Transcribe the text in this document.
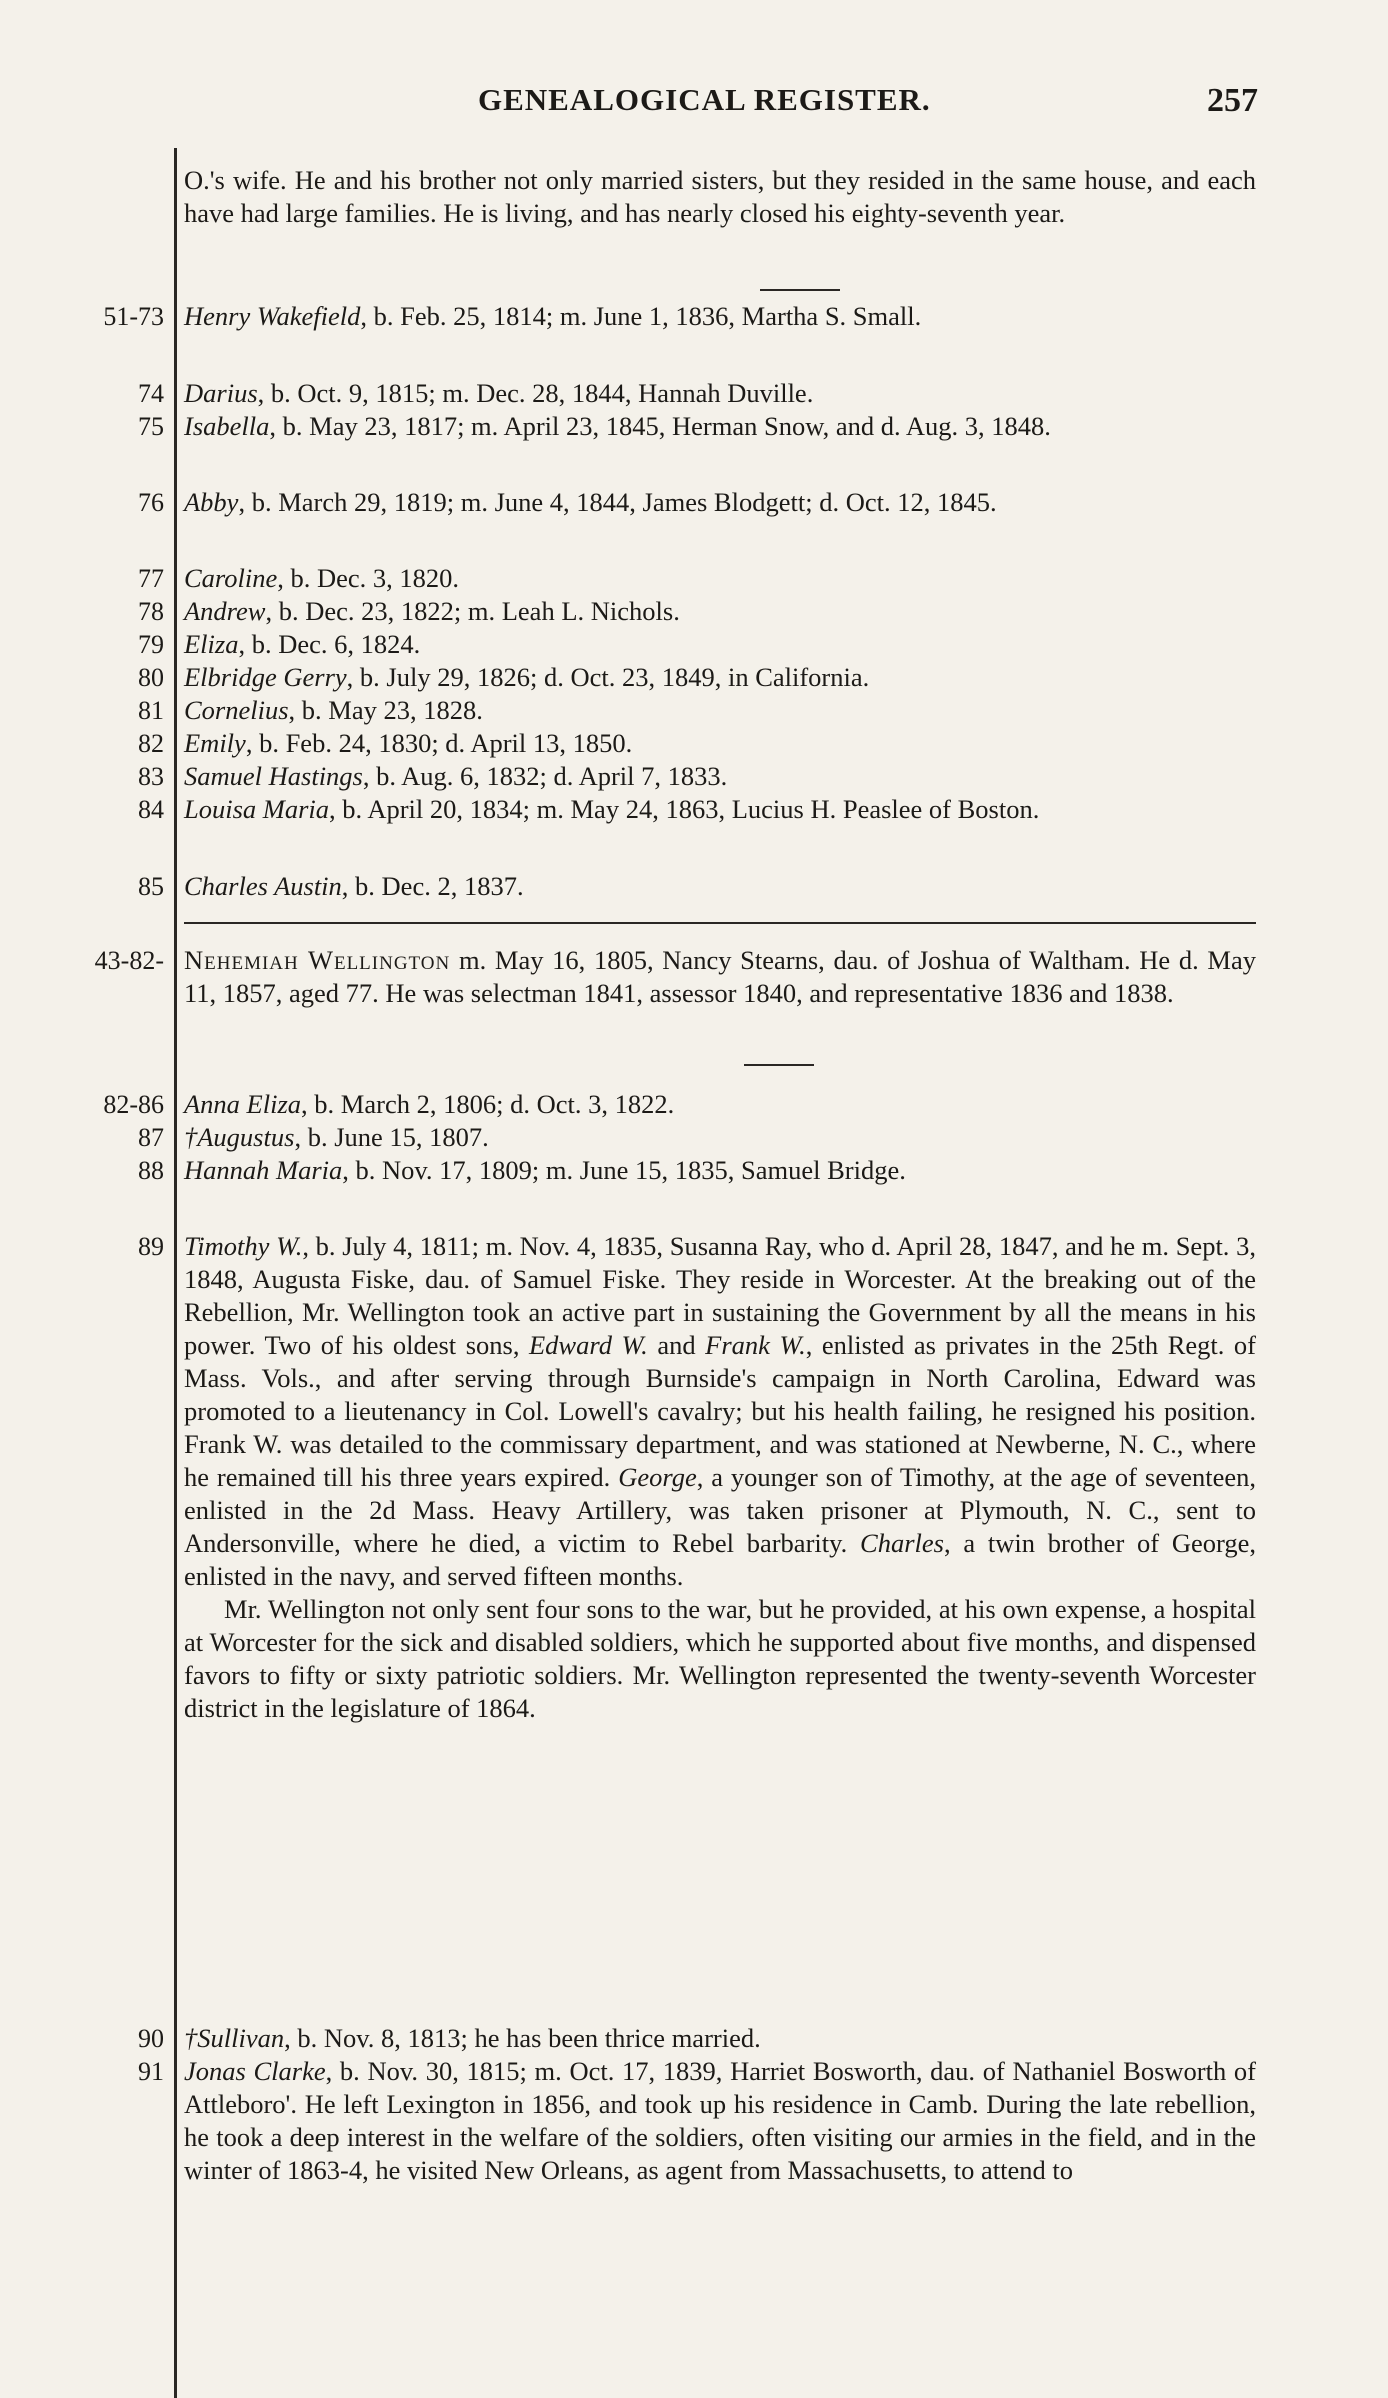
GENEALOGICAL REGISTER.	257
O.'s wife. He and his brother not only married sisters, but they resided in the same house, and each have had large families. He is living, and has nearly closed his eighty-seventh year.
51-73 Henry Wakefield, b. Feb. 25, 1814; m. June 1, 1836, Martha S. Small.
74 Darius, b. Oct. 9, 1815; m. Dec. 28, 1844, Hannah Duville.
75 Isabella, b. May 23, 1817; m. April 23, 1845, Herman Snow, and d. Aug. 3, 1848.
76 Abby, b. March 29, 1819; m. June 4, 1844, James Blodgett; d. Oct. 12, 1845.
77 Caroline, b. Dec. 3, 1820.
78 Andrew, b. Dec. 23, 1822; m. Leah L. Nichols.
79 Eliza, b. Dec. 6, 1824.
80 Elbridge Gerry, b. July 29, 1826; d. Oct. 23, 1849, in California.
81 Cornelius, b. May 23, 1828.
82 Emily, b. Feb. 24, 1830; d. April 13, 1850.
83 Samuel Hastings, b. Aug. 6, 1832; d. April 7, 1833.
84 Louisa Maria, b. April 20, 1834; m. May 24, 1863, Lucius H. Peaslee of Boston.
85 Charles Austin, b. Dec. 2, 1837.
43-82- Nehemiah Wellington m. May 16, 1805, Nancy Stearns, dau. of Joshua of Waltham. He d. May 11, 1857, aged 77. He was selectman 1841, assessor 1840, and representative 1836 and 1838.
82-86 Anna Eliza, b. March 2, 1806; d. Oct. 3, 1822.
87 †Augustus, b. June 15, 1807.
88 Hannah Maria, b. Nov. 17, 1809; m. June 15, 1835, Samuel Bridge.
89 Timothy W., b. July 4, 1811; m. Nov. 4, 1835, Susanna Ray, who d. April 28, 1847, and he m. Sept. 3, 1848, Augusta Fiske, dau. of Samuel Fiske. They reside in Worcester. At the breaking out of the Rebellion, Mr. Wellington took an active part in sustaining the Government by all the means in his power. Two of his oldest sons, Edward W. and Frank W., enlisted as privates in the 25th Regt. of Mass. Vols., and after serving through Burnside's campaign in North Carolina, Edward was promoted to a lieutenancy in Col. Lowell's cavalry; but his health failing, he resigned his position. Frank W. was detailed to the commissary department, and was stationed at Newberne, N. C., where he remained till his three years expired. George, a younger son of Timothy, at the age of seventeen, enlisted in the 2d Mass. Heavy Artillery, was taken prisoner at Plymouth, N. C., sent to Andersonville, where he died, a victim to Rebel barbarity. Charles, a twin brother of George, enlisted in the navy, and served fifteen months.
Mr. Wellington not only sent four sons to the war, but he provided, at his own expense, a hospital at Worcester for the sick and disabled soldiers, which he supported about five months, and dispensed favors to fifty or sixty patriotic soldiers. Mr. Wellington represented the twenty-seventh Worcester district in the legislature of 1864.
90 †Sullivan, b. Nov. 8, 1813; he has been thrice married.
91 Jonas Clarke, b. Nov. 30, 1815; m. Oct. 17, 1839, Harriet Bosworth, dau. of Nathaniel Bosworth of Attleboro'. He left Lexington in 1856, and took up his residence in Camb. During the late rebellion, he took a deep interest in the welfare of the soldiers, often visiting our armies in the field, and in the winter of 1863-4, he visited New Orleans, as agent from Massachusetts, to attend to
